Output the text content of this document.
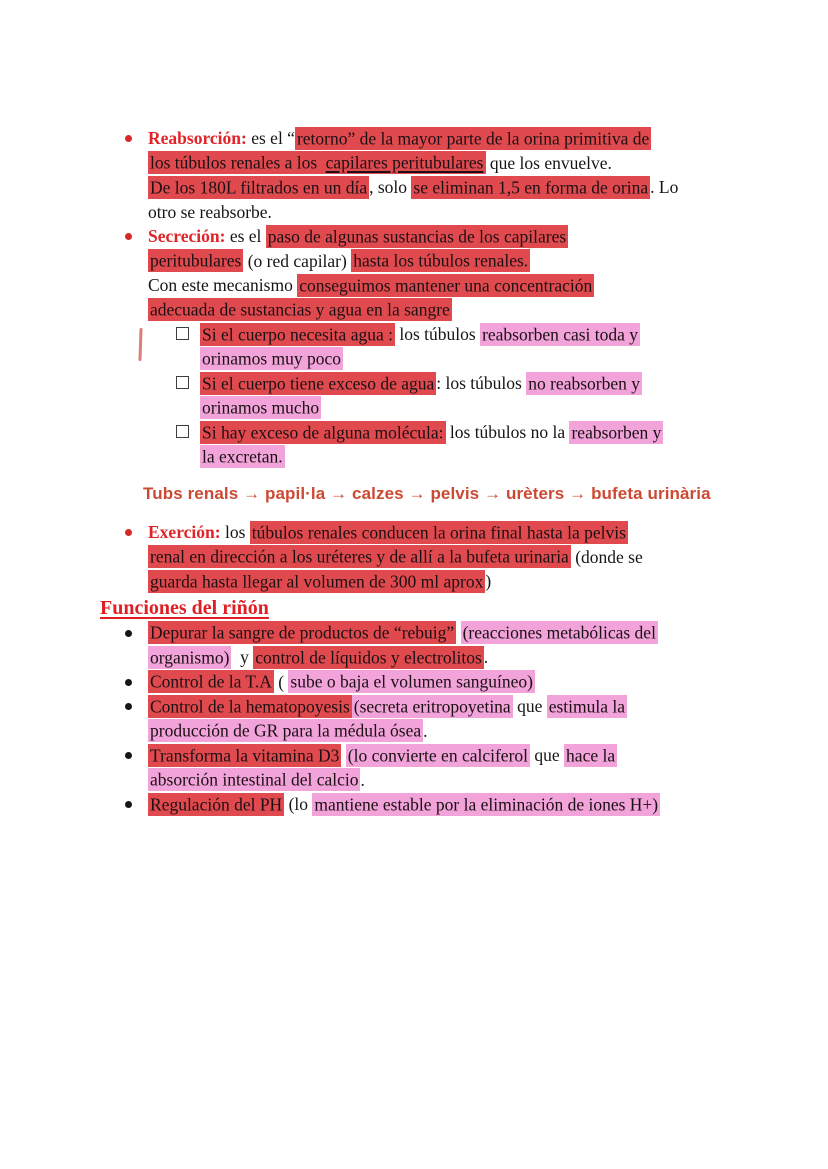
Reabsorción: es el “ retorno” de la mayor parte de la orina primitiva de
los túbulos renales a los capilares peritubulares que los envuelve.
De los 180L filtrados en un día , solo se eliminan 1,5 en forma de orina . Lo
otro se reabsorbe.
Secreción: es el paso de algunas sustancias de los capilares
peritubulares (o red capilar) hasta los túbulos renales.
Con este mecanismo conseguimos mantener una concentración
adecuada de sustancias y agua en la sangre
Si el cuerpo necesita agua : los túbulos reabsorben casi toda y
orinamos muy poco
Si el cuerpo tiene exceso de agua : los túbulos no reabsorben y
orinamos mucho
Si hay exceso de alguna molécula: los túbulos no la reabsorben y
la excretan.
Tubs renals → papil·la → calzes → pelvis → urèters → bufeta urinària
Exerción: los túbulos renales conducen la orina final hasta la pelvis
renal en dirección a los uréteres y de allí a la bufeta urinaria (donde se
guarda hasta llegar al volumen de 300 ml aprox )
Funciones del riñón
Depurar la sangre de productos de “rebuig” (reacciones metabólicas del
organismo)  y control de líquidos y electrolitos .
Control de la T.A ( sube o baja el volumen sanguíneo)
Control de la hematopoyesis (secreta eritropoyetina que estimula la
producción de GR para la médula ósea .
Transforma la vitamina D3 (lo convierte en calciferol que hace la
absorción intestinal del calcio .
Regulación del PH (lo mantiene estable por la eliminación de iones H+)
